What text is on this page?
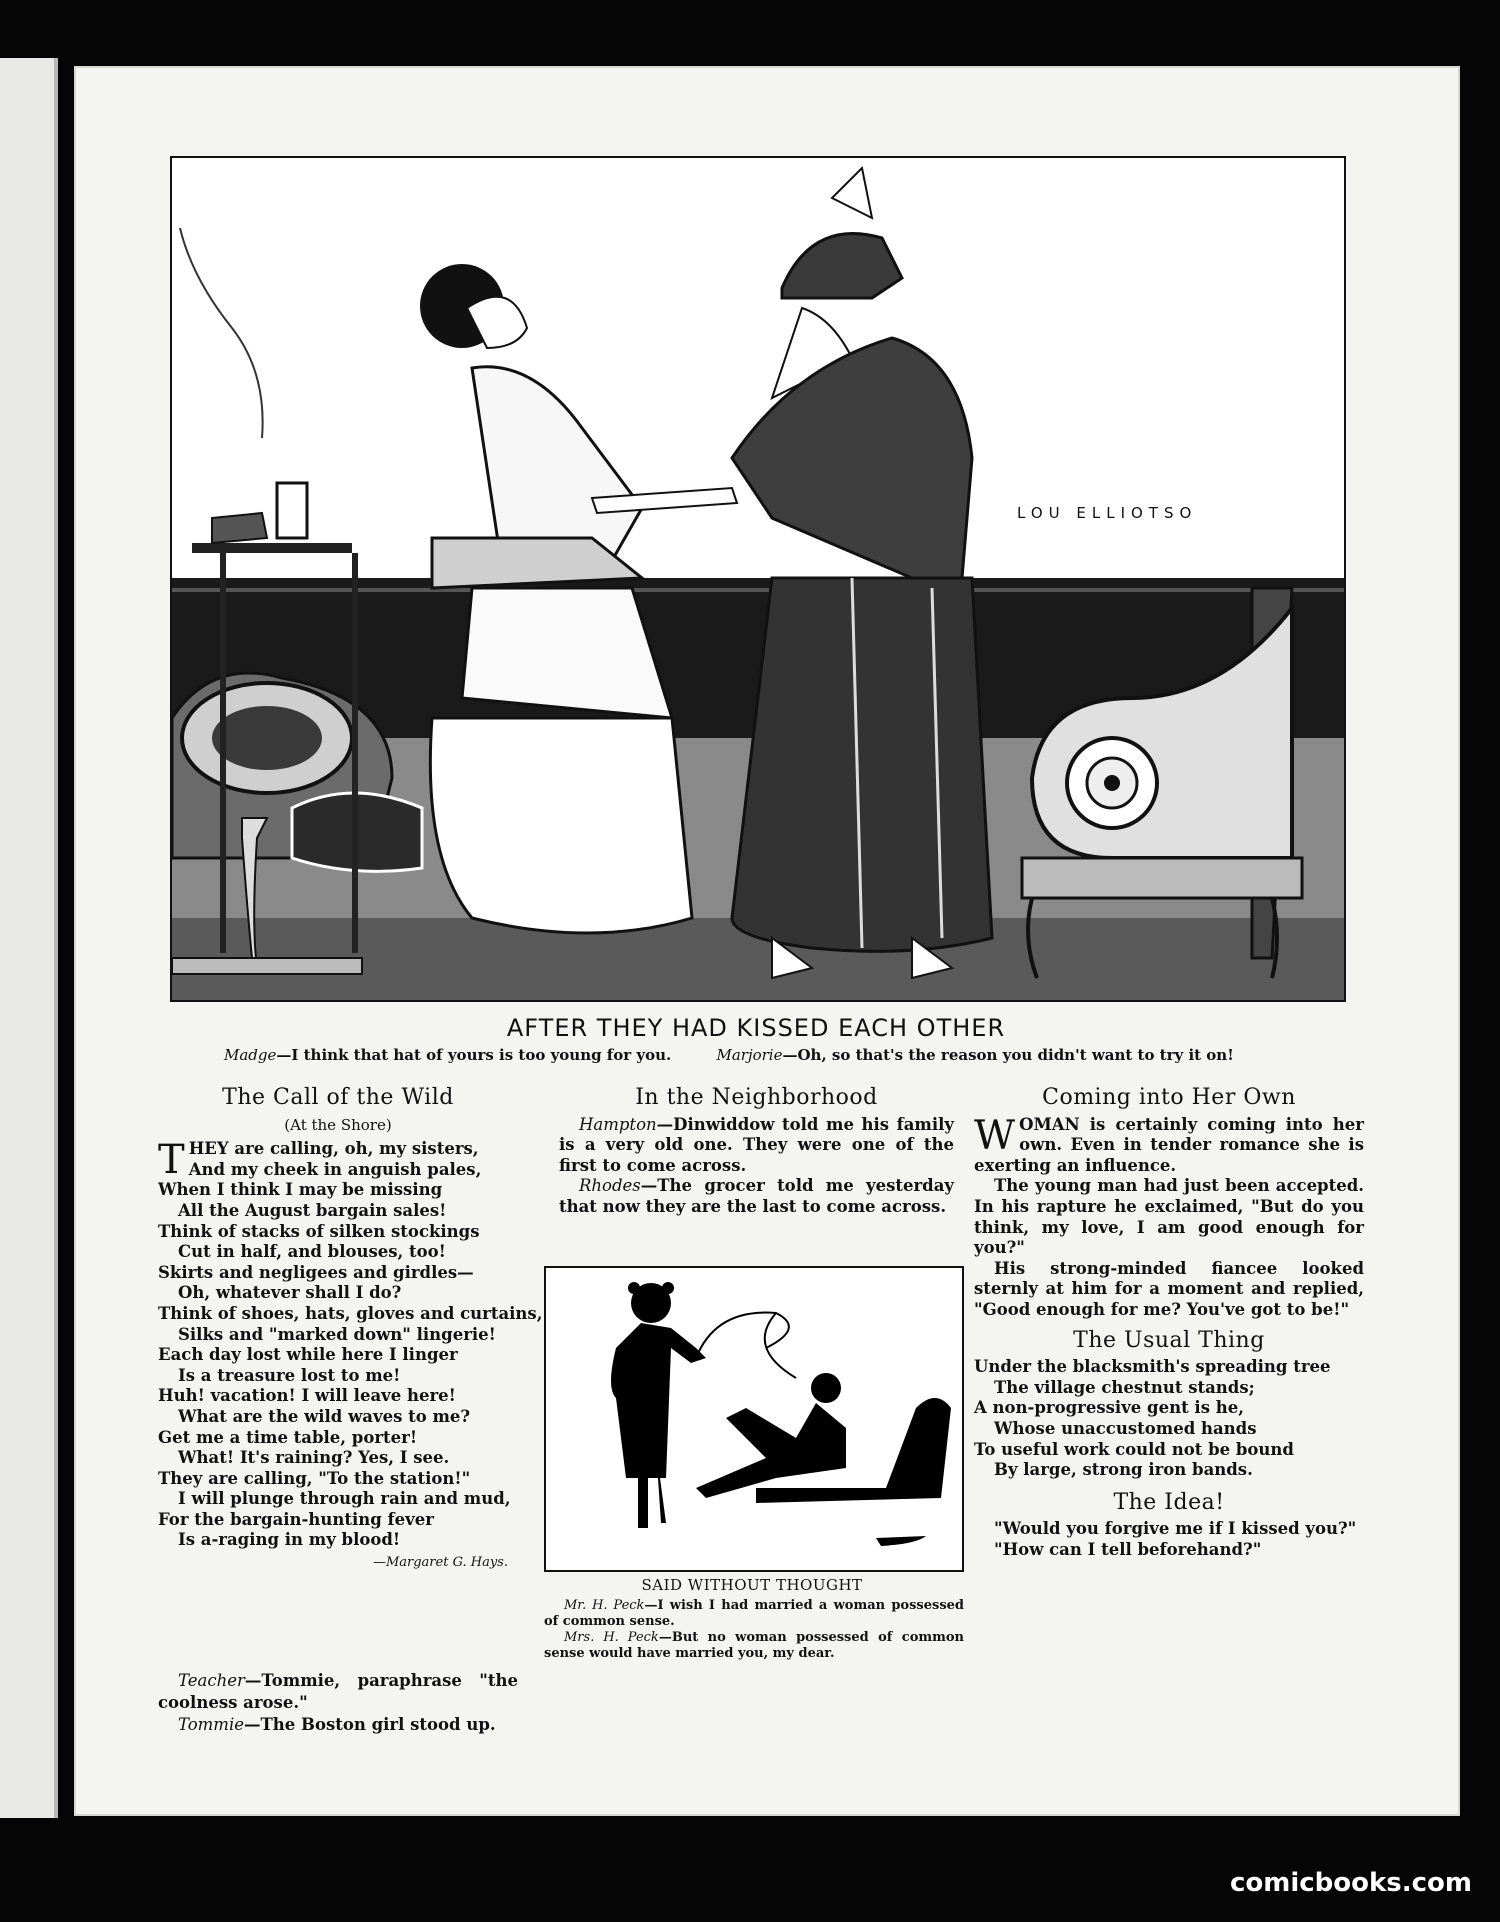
LOU ELLIOTSO
AFTER THEY HAD KISSED EACH OTHER
Madge—I think that hat of yours is too young for you.	Marjorie—Oh, so that's the reason you didn't want to try it on!
The Call of the Wild
(At the Shore)
THEY are calling, oh, my sisters,
And my cheek in anguish pales,
When I think I may be missing
All the August bargain sales!
Think of stacks of silken stockings
Cut in half, and blouses, too!
Skirts and negligees and girdles—
Oh, whatever shall I do?
Think of shoes, hats, gloves and curtains,
Silks and "marked down" lingerie!
Each day lost while here I linger
Is a treasure lost to me!
Huh! vacation! I will leave here!
What are the wild waves to me?
Get me a time table, porter!
What! It's raining? Yes, I see.
They are calling, "To the station!"
I will plunge through rain and mud,
For the bargain-hunting fever
Is a-raging in my blood!
—Margaret G. Hays.

Teacher—Tommie, paraphrase "the coolness arose."

Tommie—The Boston girl stood up.

In the Neighborhood

Hampton—Dinwiddow told me his family is a very old one. They were one of the first to come across.

Rhodes—The grocer told me yesterday that now they are the last to come across.

SAID WITHOUT THOUGHT

Mr. H. Peck—I wish I had married a woman possessed of common sense.

Mrs. H. Peck—But no woman possessed of common sense would have married you, my dear.

Coming into Her Own

WOMAN is certainly coming into her own. Even in tender romance she is exerting an influence.

The young man had just been accepted. In his rapture he exclaimed, "But do you think, my love, I am good enough for you?"

His strong-minded fiancee looked sternly at him for a moment and replied, "Good enough for me? You've got to be!"

The Usual Thing
Under the blacksmith's spreading tree
The village chestnut stands;
A non-progressive gent is he,
Whose unaccustomed hands
To useful work could not be bound
By large, strong iron bands.
The Idea!

"Would you forgive me if I kissed you?"

"How can I tell beforehand?"

comicbooks.com
